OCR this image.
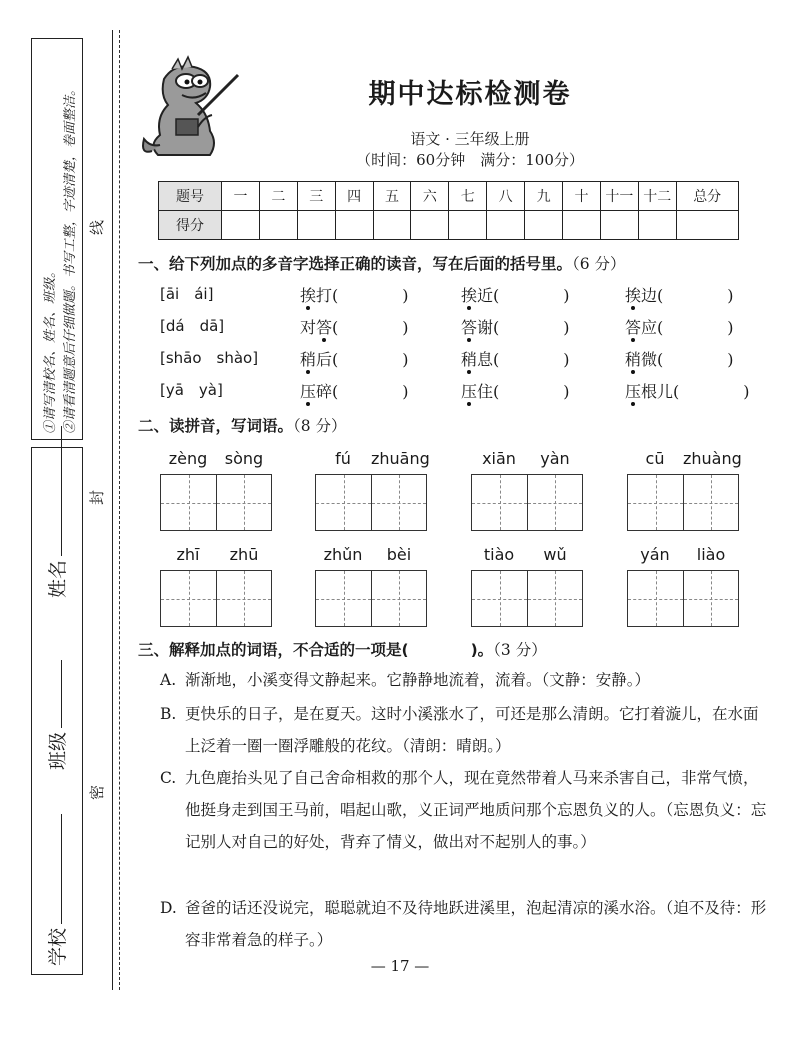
①请写清校名、姓名、班级。 ②请看清题意后仔细做题。书写工整，字迹清楚，卷面整洁。
学校
班级
姓名
线
封
密
期中达标检测卷
语文 · 三年级上册
（时间：60分钟　满分：100分）
题号	一	二	三	四	五	六	七	八	九	十	十一	十二	总分
得分													
一、给下列加点的多音字选择正确的读音，写在后面的括号里。（6 分）
[āi　ái]	挨打(　　　　)	挨近(　　　　)	挨边(　　　　)
[dá　dā]	对答(　　　　)	答谢(　　　　)	答应(　　　　)
[shāo　shào]	稍后(　　　　)	稍息(　　　　)	稍微(　　　　)
[yā　yà]	压碎(　　　　)	压住(　　　　)	压根儿(　　　　)
二、读拼音，写词语。（8 分）
zèng	sòng	fú	zhuāng	xiān	yàn	cū	zhuàng
zhī	zhū	zhǔn	bèi	tiào	wǔ	yán	liào
三、解释加点的词语，不合适的一项是(　　　　)。（3 分）
A. 渐渐地，小溪变得文静起来。它静静地流着，流着。（文静：安静。）
B. 更快乐的日子，是在夏天。这时小溪涨水了，可还是那么清朗。它打着漩儿，在水面上泛着一圈一圈浮雕般的花纹。（清朗：晴朗。）
C. 九色鹿抬头见了自己舍命相救的那个人，现在竟然带着人马来杀害自己，非常气愤，他挺身走到国王马前，唱起山歌，义正词严地质问那个忘恩负义的人。（忘恩负义：忘记别人对自己的好处，背弃了情义，做出对不起别人的事。）
D. 爸爸的话还没说完，聪聪就迫不及待地跃进溪里，泡起清凉的溪水浴。（迫不及待：形容非常着急的样子。）
— 17 —
